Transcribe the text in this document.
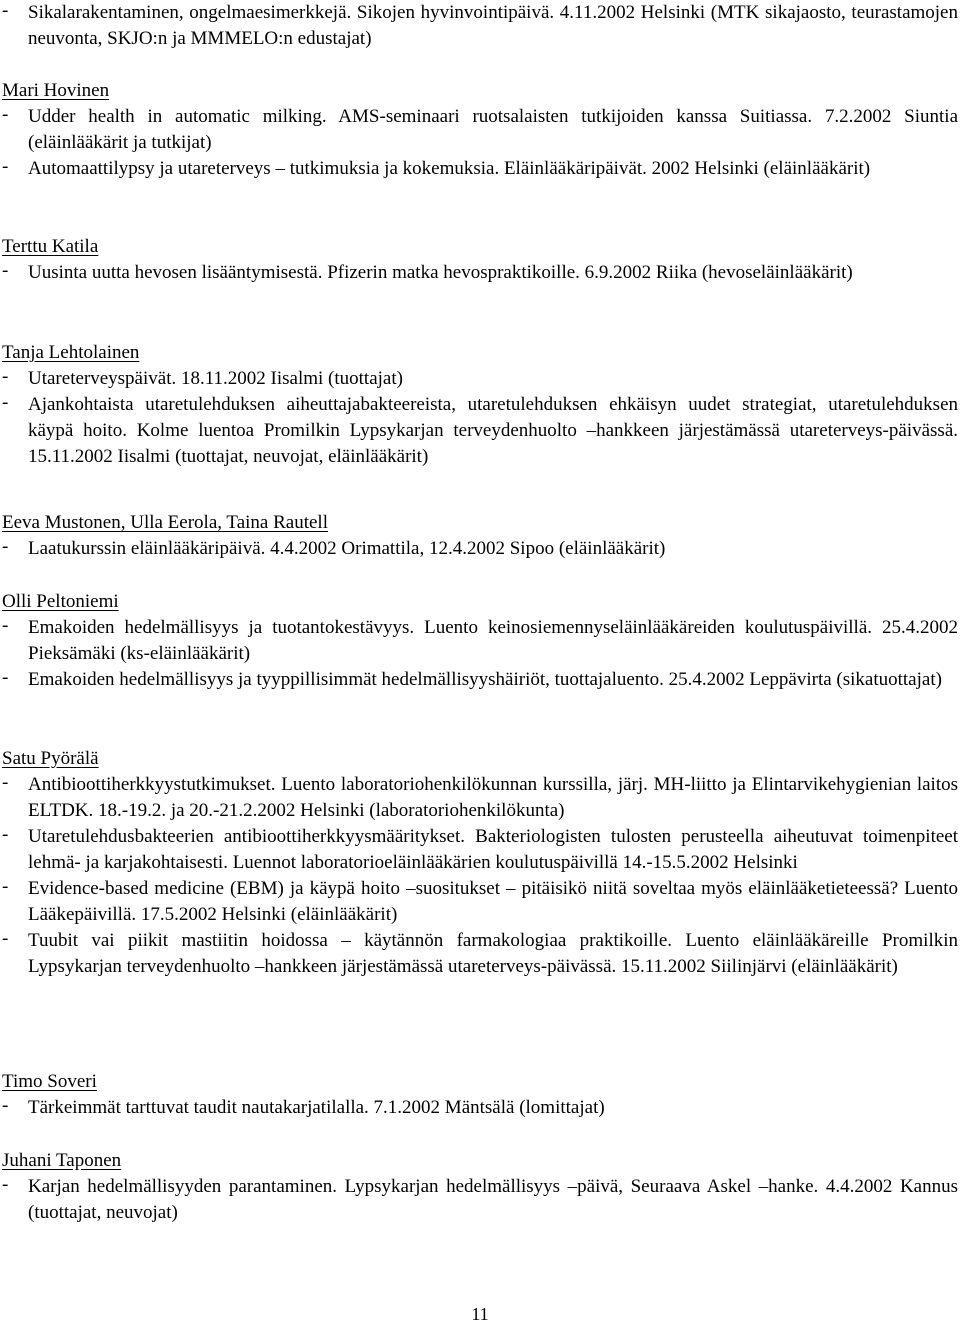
- Sikalarakentaminen, ongelmaesimerkkejä. Sikojen hyvinvointipäivä. 4.11.2002 Helsinki (MTK sikajaosto, teurastamojen neuvonta, SKJO:n ja MMMELO:n edustajat)
Mari Hovinen
- Udder health in automatic milking. AMS-seminaari ruotsalaisten tutkijoiden kanssa Suitiassa. 7.2.2002 Siuntia (eläinlääkärit ja tutkijat)
- Automaattilypsy ja utareterveys – tutkimuksia ja kokemuksia. Eläinlääkäripäivät. 2002 Helsinki (eläinlääkärit)
Terttu Katila
- Uusinta uutta hevosen lisääntymisestä. Pfizerin matka hevospraktikoille. 6.9.2002 Riika (hevoseläinlääkärit)
Tanja Lehtolainen
- Utareterveyspäivät. 18.11.2002 Iisalmi (tuottajat)
- Ajankohtaista utaretulehduksen aiheuttajabakteereista, utaretulehduksen ehkäisyn uudet strategiat, utaretulehduksen käypä hoito. Kolme luentoa Promilkin Lypsykarjan terveydenhuolto –hankkeen järjestämässä utareterveys-päivässä. 15.11.2002 Iisalmi (tuottajat, neuvojat, eläinlääkärit)
Eeva Mustonen, Ulla Eerola, Taina Rautell
- Laatukurssin eläinlääkäripäivä. 4.4.2002 Orimattila, 12.4.2002 Sipoo (eläinlääkärit)
Olli Peltoniemi
- Emakoiden hedelmällisyys ja tuotantokestävyys. Luento keinosiemennyseläinlääkäreiden koulutuspäivillä. 25.4.2002 Pieksämäki (ks-eläinlääkärit)
- Emakoiden hedelmällisyys ja tyyppillisimmät hedelmällisyyshäiriöt, tuottajaluento. 25.4.2002 Leppävirta (sikatuottajat)
Satu Pyörälä
- Antibioottiherkkyystutkimukset. Luento laboratoriohenkilökunnan kurssilla, järj. MH-liitto ja Elintarvikehygienian laitos ELTDK. 18.-19.2. ja 20.-21.2.2002 Helsinki (laboratoriohenkilökunta)
- Utaretulehdusbakteerien antibioottiherkkyysmääritykset. Bakteriologisten tulosten perusteella aiheutuvat toimenpiteet lehmä- ja karjakohtaisesti. Luennot laboratorioeläinlääkärien koulutuspäivillä 14.-15.5.2002 Helsinki
- Evidence-based medicine (EBM) ja käypä hoito –suositukset – pitäisikö niitä soveltaa myös eläinlääketieteessä? Luento Lääkepäivillä. 17.5.2002 Helsinki (eläinlääkärit)
- Tuubit vai piikit mastiitin hoidossa – käytännön farmakologiaa praktikoille. Luento eläinlääkäreille Promilkin Lypsykarjan terveydenhuolto –hankkeen järjestämässä utareterveys-päivässä. 15.11.2002 Siilinjärvi (eläinlääkärit)
Timo Soveri
- Tärkeimmät tarttuvat taudit nautakarjatilalla. 7.1.2002 Mäntsälä (lomittajat)
Juhani Taponen
- Karjan hedelmällisyyden parantaminen. Lypsykarjan hedelmällisyys –päivä, Seuraava Askel –hanke. 4.4.2002 Kannus (tuottajat, neuvojat)
11
